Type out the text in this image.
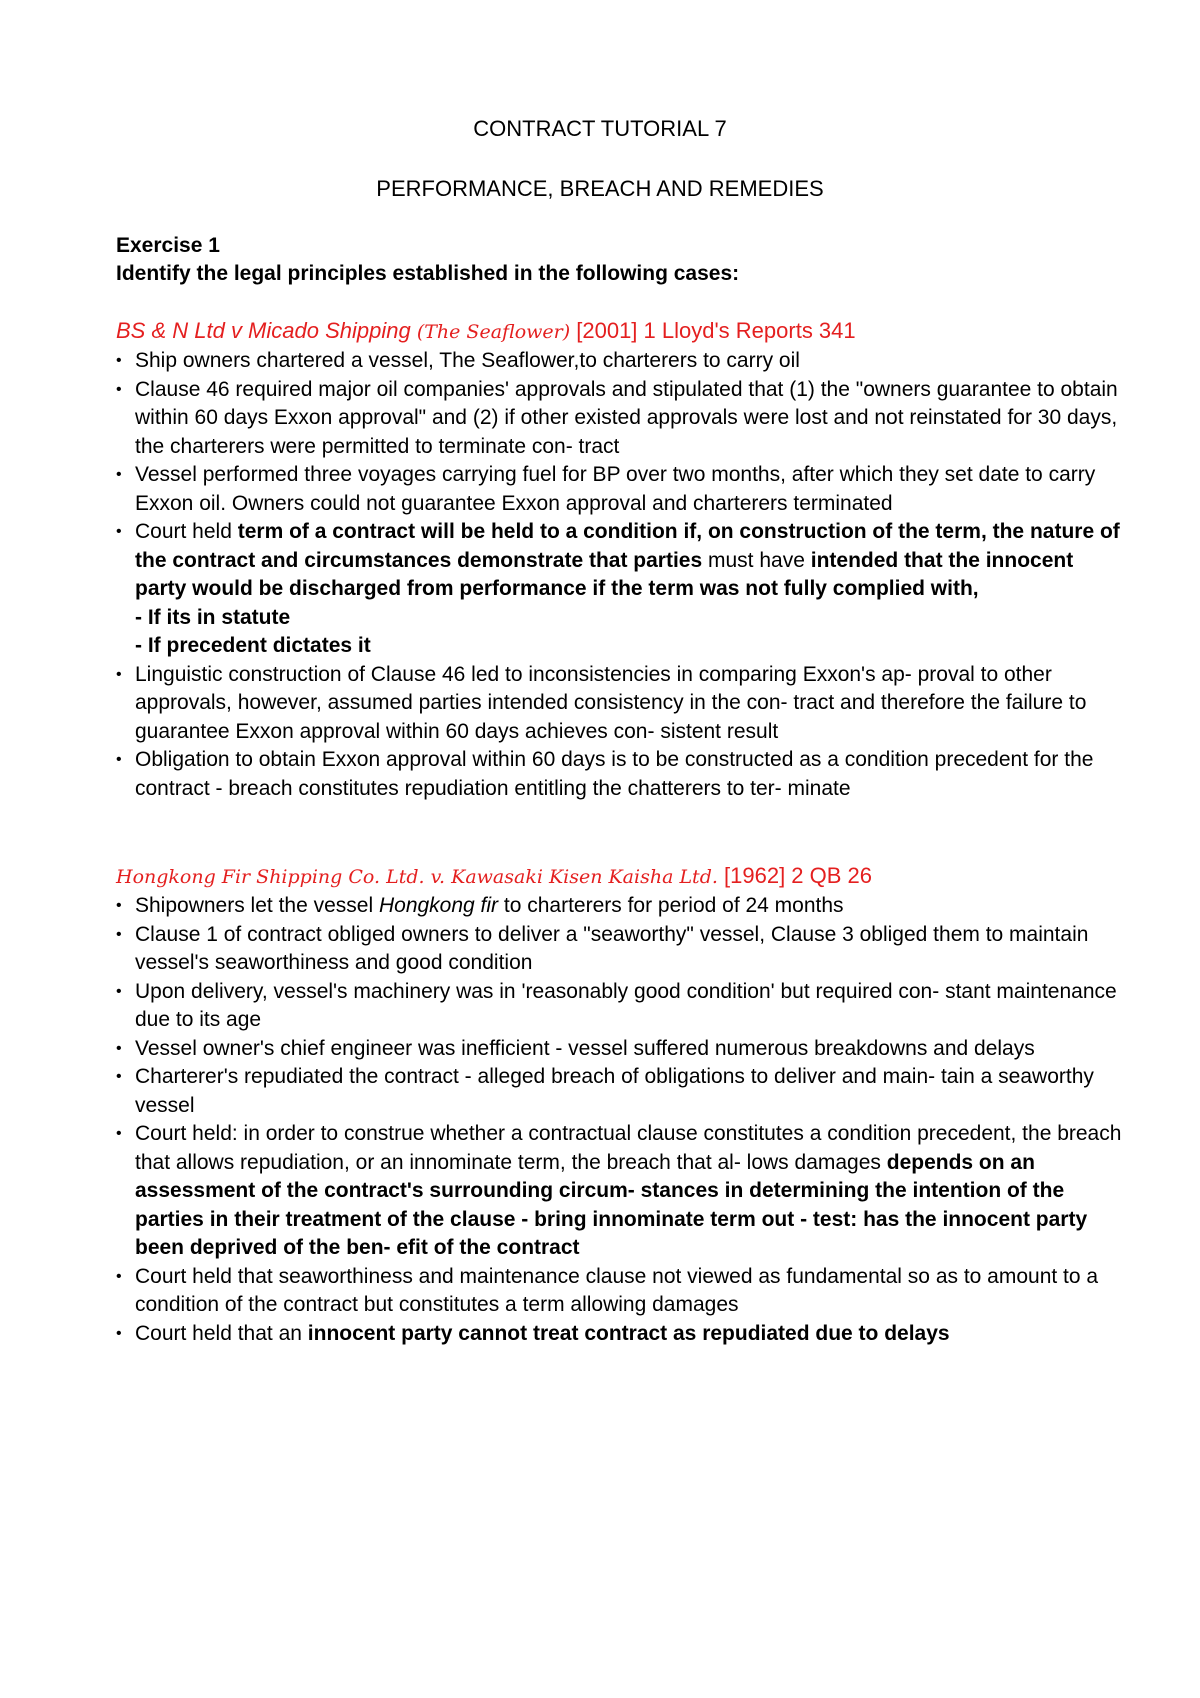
CONTRACT TUTORIAL 7
PERFORMANCE, BREACH AND REMEDIES
Exercise 1
Identify the legal principles established in the following cases:

BS & N Ltd v Micado Shipping (The Seaflower) [2001] 1 Lloyd's Reports 341

• Ship owners chartered a vessel, The Seaflower,to charterers to carry oil
• Clause 46 required major oil companies' approvals and stipulated that (1) the "owners guarantee to obtain within 60 days Exxon approval" and (2) if other existed approvals were lost and not reinstated for 30 days, the charterers were permitted to terminate con- tract
• Vessel performed three voyages carrying fuel for BP over two months, after which they set date to carry Exxon oil. Owners could not guarantee Exxon approval and charterers terminated
• Court held term of a contract will be held to a condition if, on construction of the term, the nature of the contract and circumstances demonstrate that parties must have intended that the innocent party would be discharged from performance if the term was not fully complied with,
- If its in statute
- If precedent dictates it
• Linguistic construction of Clause 46 led to inconsistencies in comparing Exxon's ap- proval to other approvals, however, assumed parties intended consistency in the con- tract and therefore the failure to guarantee Exxon approval within 60 days achieves con- sistent result
• Obligation to obtain Exxon approval within 60 days is to be constructed as a condition precedent for the contract - breach constitutes repudiation entitling the chatterers to ter- minate

Hongkong Fir Shipping Co. Ltd. v. Kawasaki Kisen Kaisha Ltd. [1962] 2 QB 26

• Shipowners let the vessel Hongkong fir to charterers for period of 24 months
• Clause 1 of contract obliged owners to deliver a "seaworthy" vessel, Clause 3 obliged them to maintain vessel's seaworthiness and good condition
• Upon delivery, vessel's machinery was in 'reasonably good condition' but required con- stant maintenance due to its age
• Vessel owner's chief engineer was inefficient - vessel suffered numerous breakdowns and delays
• Charterer's repudiated the contract - alleged breach of obligations to deliver and main- tain a seaworthy vessel
• Court held: in order to construe whether a contractual clause constitutes a condition precedent, the breach that allows repudiation, or an innominate term, the breach that al- lows damages depends on an assessment of the contract's surrounding circum- stances in determining the intention of the parties in their treatment of the clause - bring innominate term out - test: has the innocent party been deprived of the ben- efit of the contract
• Court held that seaworthiness and maintenance clause not viewed as fundamental so as to amount to a condition of the contract but constitutes a term allowing damages
• Court held that an innocent party cannot treat contract as repudiated due to delays
